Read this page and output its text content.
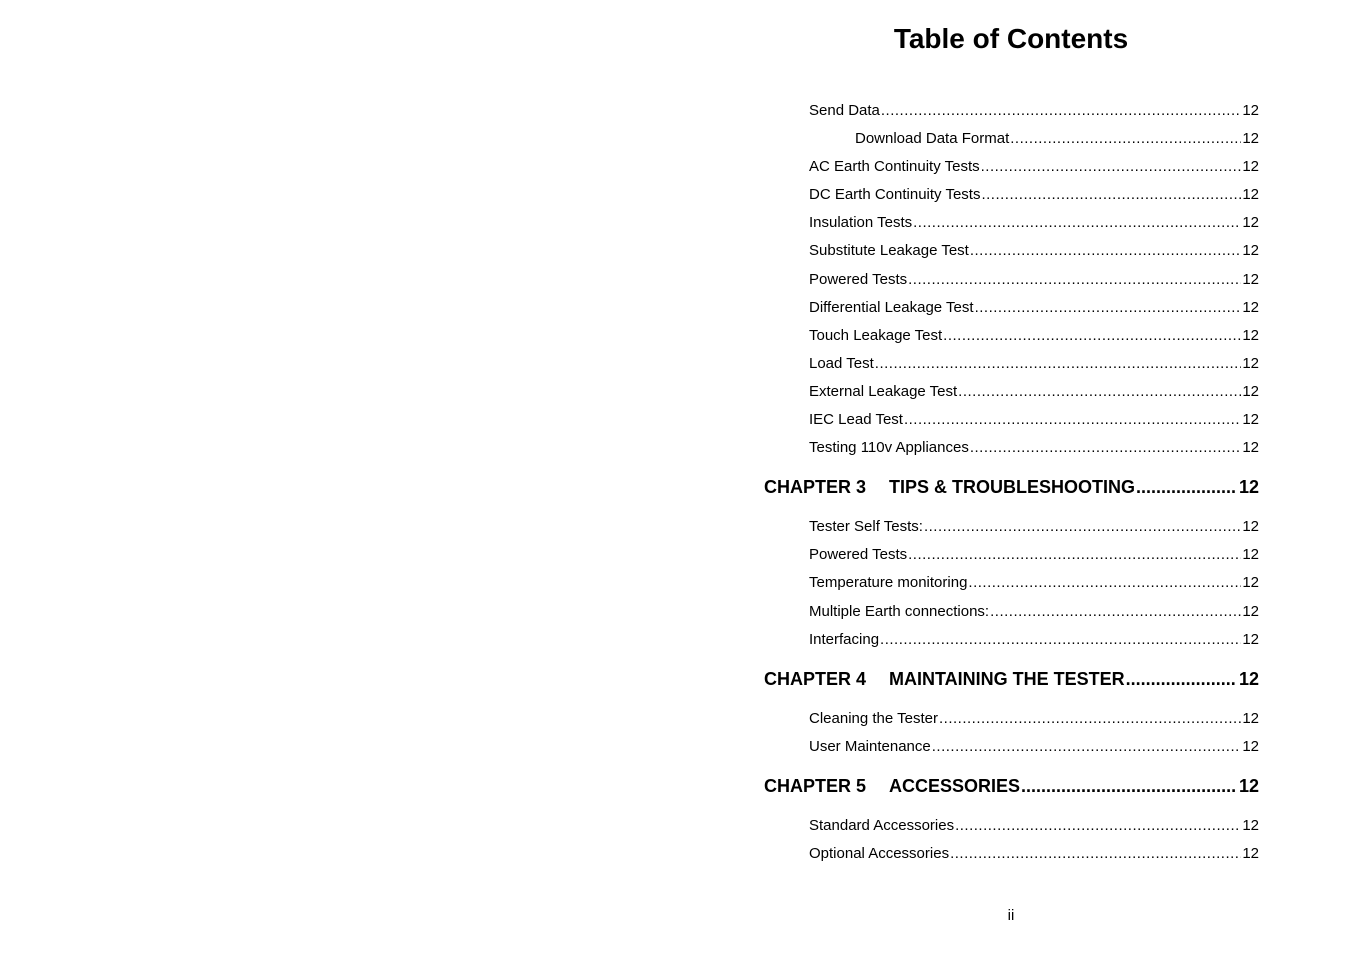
Table of Contents
Send Data .....	12
Download Data Format .....	12
AC Earth Continuity Tests .....	12
DC Earth Continuity Tests .....	12
Insulation Tests .....	12
Substitute Leakage Test .....	12
Powered Tests .....	12
Differential Leakage Test .....	12
Touch Leakage Test .....	12
Load Test .....	12
External Leakage Test .....	12
IEC Lead Test .....	12
Testing 110v Appliances .....	12
CHAPTER 3	TIPS & TROUBLESHOOTING .....	12
Tester Self Tests: .....	12
Powered Tests .....	12
Temperature monitoring .....	12
Multiple Earth connections: .....	12
Interfacing .....	12
CHAPTER 4	MAINTAINING THE TESTER .....	12
Cleaning the Tester .....	12
User Maintenance .....	12
CHAPTER 5	ACCESSORIES .....	12
Standard Accessories .....	12
Optional Accessories .....	12
ii
